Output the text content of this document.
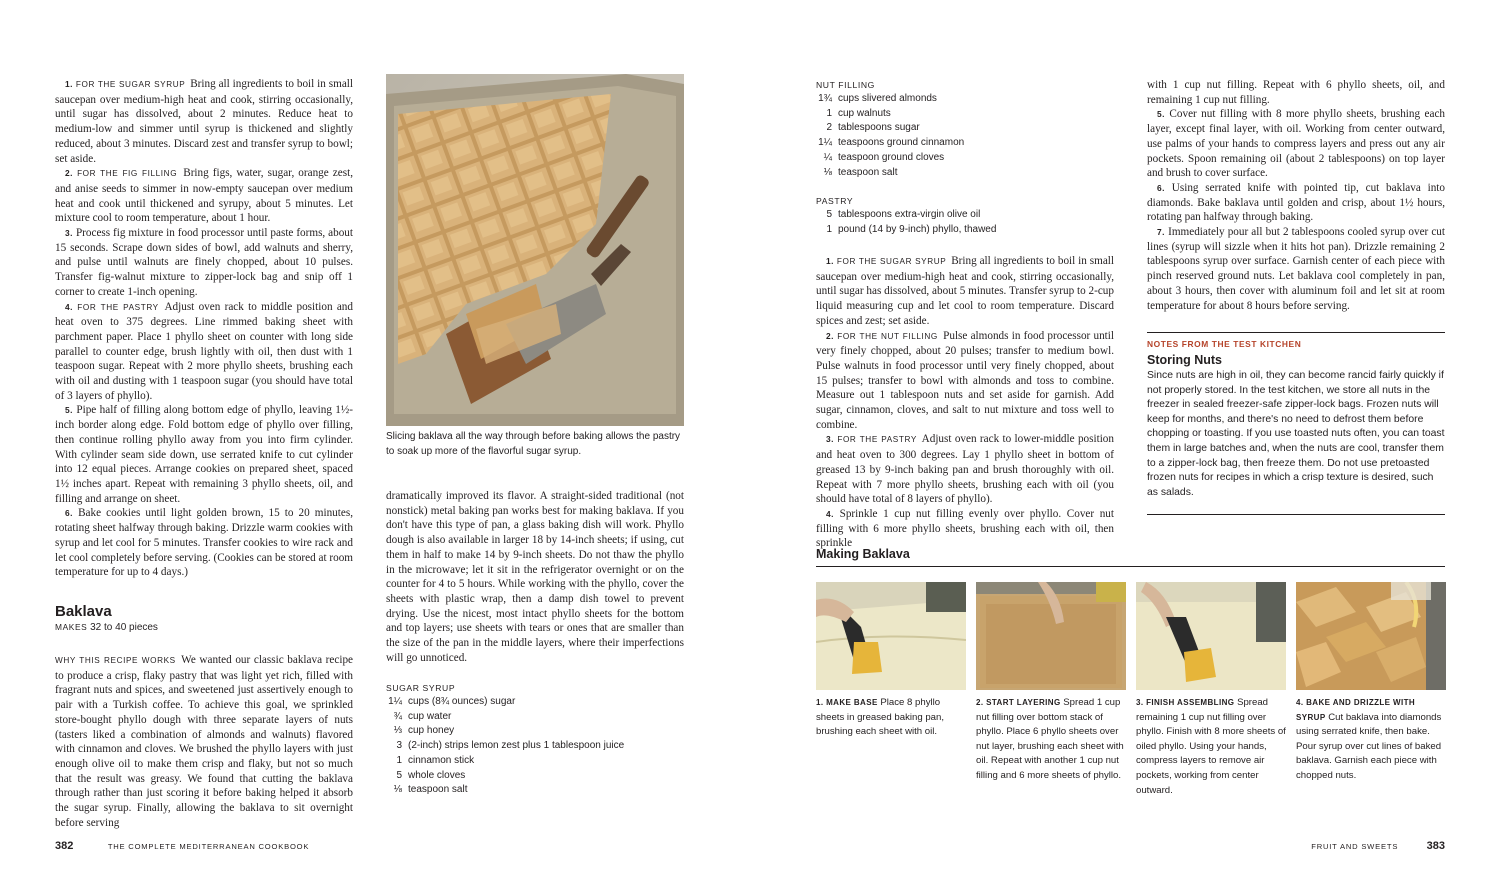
1. FOR THE SUGAR SYRUP Bring all ingredients to boil in small saucepan over medium-high heat and cook, stirring occasionally, until sugar has dissolved, about 2 minutes. Reduce heat to medium-low and simmer until syrup is thickened and slightly reduced, about 3 minutes. Discard zest and transfer syrup to bowl; set aside.

2. FOR THE FIG FILLING Bring figs, water, sugar, orange zest, and anise seeds to simmer in now-empty saucepan over medium heat and cook until thickened and syrupy, about 5 minutes. Let mixture cool to room temperature, about 1 hour.

3. Process fig mixture in food processor until paste forms, about 15 seconds. Scrape down sides of bowl, add walnuts and sherry, and pulse until walnuts are finely chopped, about 10 pulses. Transfer fig-walnut mixture to zipper-lock bag and snip off 1 corner to create 1-inch opening.

4. FOR THE PASTRY Adjust oven rack to middle position and heat oven to 375 degrees. Line rimmed baking sheet with parchment paper. Place 1 phyllo sheet on counter with long side parallel to counter edge, brush lightly with oil, then dust with 1 teaspoon sugar. Repeat with 2 more phyllo sheets, brushing each with oil and dusting with 1 teaspoon sugar (you should have total of 3 layers of phyllo).

5. Pipe half of filling along bottom edge of phyllo, leaving 1½-inch border along edge. Fold bottom edge of phyllo over filling, then continue rolling phyllo away from you into firm cylinder. With cylinder seam side down, use serrated knife to cut cylinder into 12 equal pieces. Arrange cookies on prepared sheet, spaced 1½ inches apart. Repeat with remaining 3 phyllo sheets, oil, and filling and arrange on sheet.

6. Bake cookies until light golden brown, 15 to 20 minutes, rotating sheet halfway through baking. Drizzle warm cookies with syrup and let cool for 5 minutes. Transfer cookies to wire rack and let cool completely before serving. (Cookies can be stored at room temperature for up to 4 days.)

Baklava
MAKES 32 to 40 pieces

WHY THIS RECIPE WORKS We wanted our classic baklava recipe to produce a crisp, flaky pastry that was light yet rich, filled with fragrant nuts and spices, and sweetened just assertively enough to pair with a Turkish coffee. To achieve this goal, we sprinkled store-bought phyllo dough with three separate layers of nuts (tasters liked a combination of almonds and walnuts) flavored with cinnamon and cloves. We brushed the phyllo layers with just enough olive oil to make them crisp and flaky, but not so much that the result was greasy. We found that cutting the baklava through rather than just scoring it before baking helped it absorb the sugar syrup. Finally, allowing the baklava to sit overnight before serving

Slicing baklava all the way through before baking allows the pastry to soak up more of the flavorful sugar syrup.

dramatically improved its flavor. A straight-sided traditional (not nonstick) metal baking pan works best for making baklava. If you don't have this type of pan, a glass baking dish will work. Phyllo dough is also available in larger 18 by 14-inch sheets; if using, cut them in half to make 14 by 9-inch sheets. Do not thaw the phyllo in the microwave; let it sit in the refrigerator overnight or on the counter for 4 to 5 hours. While working with the phyllo, cover the sheets with plastic wrap, then a damp dish towel to prevent drying. Use the nicest, most intact phyllo sheets for the bottom and top layers; use sheets with tears or ones that are smaller than the size of the pan in the middle layers, where their imperfections will go unnoticed.

SUGAR SYRUP
1¼ cups (8¾ ounces) sugar
¾ cup water
⅓ cup honey
3 (2-inch) strips lemon zest plus 1 tablespoon juice
1 cinnamon stick
5 whole cloves
⅛ teaspoon salt
382	THE COMPLETE MEDITERRANEAN COOKBOOK
NUT FILLING
1¾ cups slivered almonds
1 cup walnuts
2 tablespoons sugar
1¼ teaspoons ground cinnamon
¼ teaspoon ground cloves
⅛ teaspoon salt
PASTRY
5 tablespoons extra-virgin olive oil
1 pound (14 by 9-inch) phyllo, thawed

1. FOR THE SUGAR SYRUP Bring all ingredients to boil in small saucepan over medium-high heat and cook, stirring occasionally, until sugar has dissolved, about 5 minutes. Transfer syrup to 2-cup liquid measuring cup and let cool to room temperature. Discard spices and zest; set aside.

2. FOR THE NUT FILLING Pulse almonds in food processor until very finely chopped, about 20 pulses; transfer to medium bowl. Pulse walnuts in food processor until very finely chopped, about 15 pulses; transfer to bowl with almonds and toss to combine. Measure out 1 tablespoon nuts and set aside for garnish. Add sugar, cinnamon, cloves, and salt to nut mixture and toss well to combine.

3. FOR THE PASTRY Adjust oven rack to lower-middle position and heat oven to 300 degrees. Lay 1 phyllo sheet in bottom of greased 13 by 9-inch baking pan and brush thoroughly with oil. Repeat with 7 more phyllo sheets, brushing each with oil (you should have total of 8 layers of phyllo).

4. Sprinkle 1 cup nut filling evenly over phyllo. Cover nut filling with 6 more phyllo sheets, brushing each with oil, then sprinkle

with 1 cup nut filling. Repeat with 6 phyllo sheets, oil, and remaining 1 cup nut filling.

5. Cover nut filling with 8 more phyllo sheets, brushing each layer, except final layer, with oil. Working from center outward, use palms of your hands to compress layers and press out any air pockets. Spoon remaining oil (about 2 tablespoons) on top layer and brush to cover surface.

6. Using serrated knife with pointed tip, cut baklava into diamonds. Bake baklava until golden and crisp, about 1½ hours, rotating pan halfway through baking.

7. Immediately pour all but 2 tablespoons cooled syrup over cut lines (syrup will sizzle when it hits hot pan). Drizzle remaining 2 tablespoons syrup over surface. Garnish center of each piece with pinch reserved ground nuts. Let baklava cool completely in pan, about 3 hours, then cover with aluminum foil and let sit at room temperature for about 8 hours before serving.

NOTES FROM THE TEST KITCHEN
Storing Nuts

Since nuts are high in oil, they can become rancid fairly quickly if not properly stored. In the test kitchen, we store all nuts in the freezer in sealed freezer-safe zipper-lock bags. Frozen nuts will keep for months, and there's no need to defrost them before chopping or toasting. If you use toasted nuts often, you can toast them in large batches and, when the nuts are cool, transfer them to a zipper-lock bag, then freeze them. Do not use pretoasted frozen nuts for recipes in which a crisp texture is desired, such as salads.

Making Baklava
1. MAKE BASE Place 8 phyllo sheets in greased baking pan, brushing each sheet with oil.
2. START LAYERING Spread 1 cup nut filling over bottom stack of phyllo. Place 6 phyllo sheets over nut layer, brushing each sheet with oil. Repeat with another 1 cup nut filling and 6 more sheets of phyllo.
3. FINISH ASSEMBLING Spread remaining 1 cup nut filling over phyllo. Finish with 8 more sheets of oiled phyllo. Using your hands, compress layers to remove air pockets, working from center outward.
4. BAKE AND DRIZZLE WITH SYRUP Cut baklava into diamonds using serrated knife, then bake. Pour syrup over cut lines of baked baklava. Garnish each piece with chopped nuts.
FRUIT AND SWEETS	383
